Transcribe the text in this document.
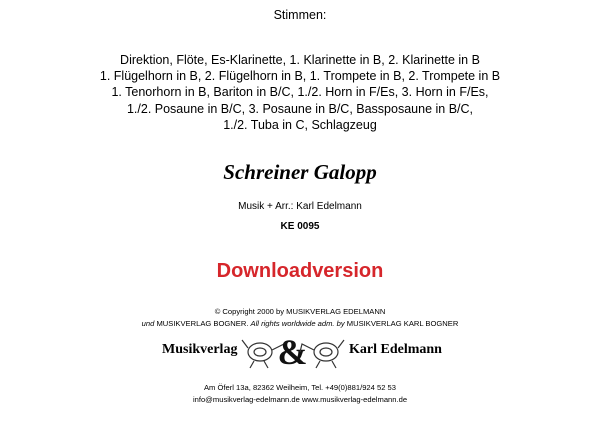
Stimmen:
Direktion, Flöte, Es-Klarinette, 1. Klarinette in B, 2. Klarinette in B
1. Flügelhorn in B, 2. Flügelhorn in B, 1. Trompete in B, 2. Trompete in B
1. Tenorhorn in B, Bariton in B/C, 1./2. Horn in F/Es, 3. Horn in F/Es,
1./2. Posaune in B/C, 3. Posaune in B/C, Bassposaune in B/C,
1./2. Tuba in C, Schlagzeug
Schreiner Galopp
Musik + Arr.: Karl Edelmann
KE 0095
Downloadversion
© Copyright 2000 by MUSIKVERLAG EDELMANN
und MUSIKVERLAG BOGNER. All rights worldwide adm. by MUSIKVERLAG KARL BOGNER
Musikverlag &	Karl Edelmann
Am Öferl 13a, 82362 Weilheim, Tel. +49(0)881/924 52 53
info@musikverlag-edelmann.de www.musikverlag-edelmann.de
